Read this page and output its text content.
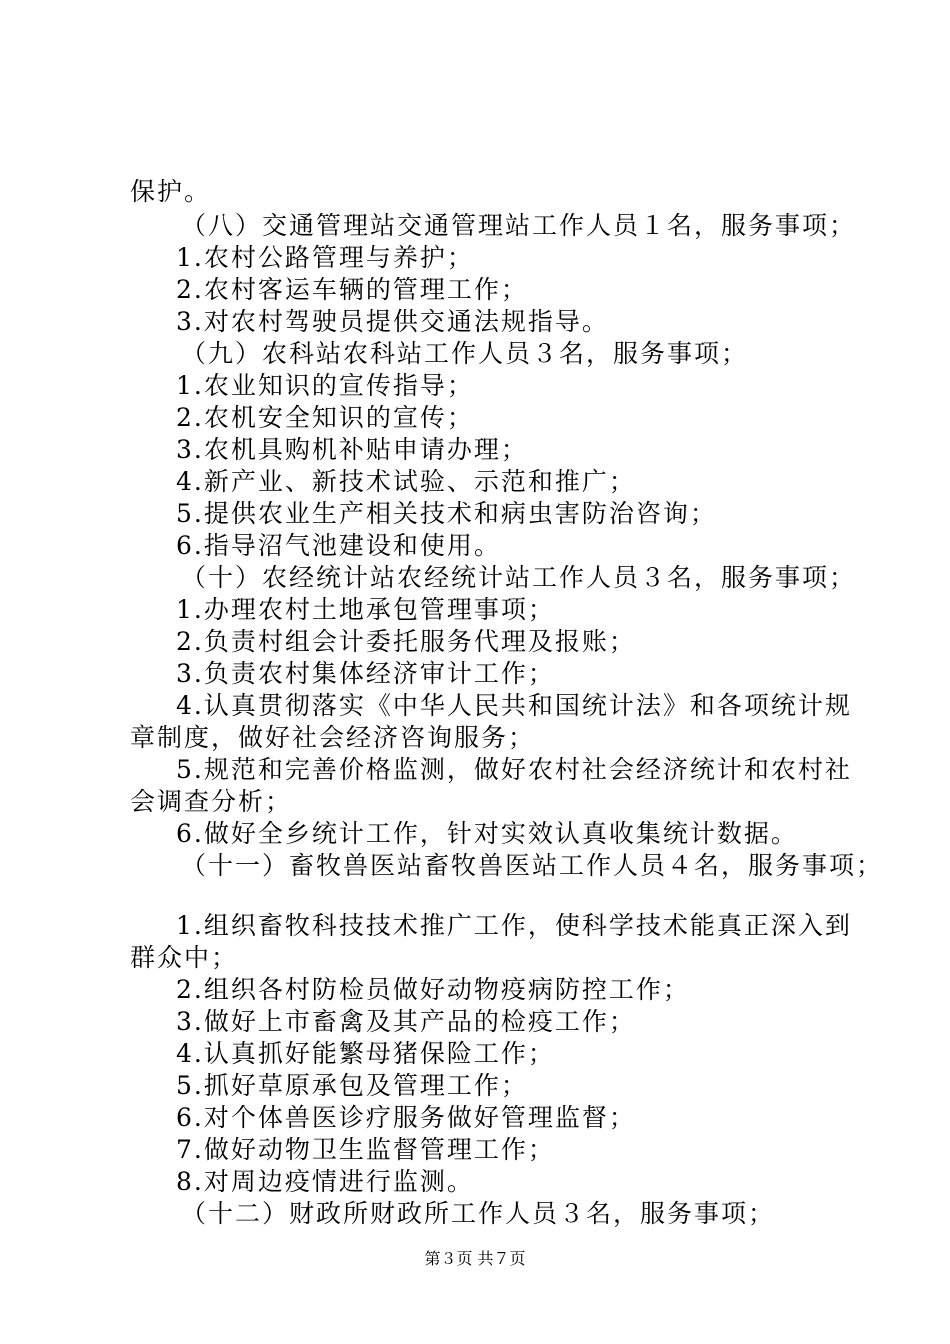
保护。
（八）交通管理站交通管理站工作人员１名，服务事项；
1.农村公路管理与养护；
2.农村客运车辆的管理工作；
3.对农村驾驶员提供交通法规指导。
（九）农科站农科站工作人员３名，服务事项；
1.农业知识的宣传指导；
2.农机安全知识的宣传；
3.农机具购机补贴申请办理；
4.新产业、新技术试验、示范和推广；
5.提供农业生产相关技术和病虫害防治咨询；
6.指导沼气池建设和使用。
（十）农经统计站农经统计站工作人员３名，服务事项；
1.办理农村土地承包管理事项；
2.负责村组会计委托服务代理及报账；
3.负责农村集体经济审计工作；
4.认真贯彻落实《中华人民共和国统计法》和各项统计规
章制度，做好社会经济咨询服务；
5.规范和完善价格监测，做好农村社会经济统计和农村社
会调查分析；
6.做好全乡统计工作，针对实效认真收集统计数据。
（十一）畜牧兽医站畜牧兽医站工作人员４名，服务事项；
1.组织畜牧科技技术推广工作，使科学技术能真正深入到
群众中；
2.组织各村防检员做好动物疫病防控工作；
3.做好上市畜禽及其产品的检疫工作；
4.认真抓好能繁母猪保险工作；
5.抓好草原承包及管理工作；
6.对个体兽医诊疗服务做好管理监督；
7.做好动物卫生监督管理工作；
8.对周边疫情进行监测。
（十二）财政所财政所工作人员３名，服务事项；
第３页 共７页
